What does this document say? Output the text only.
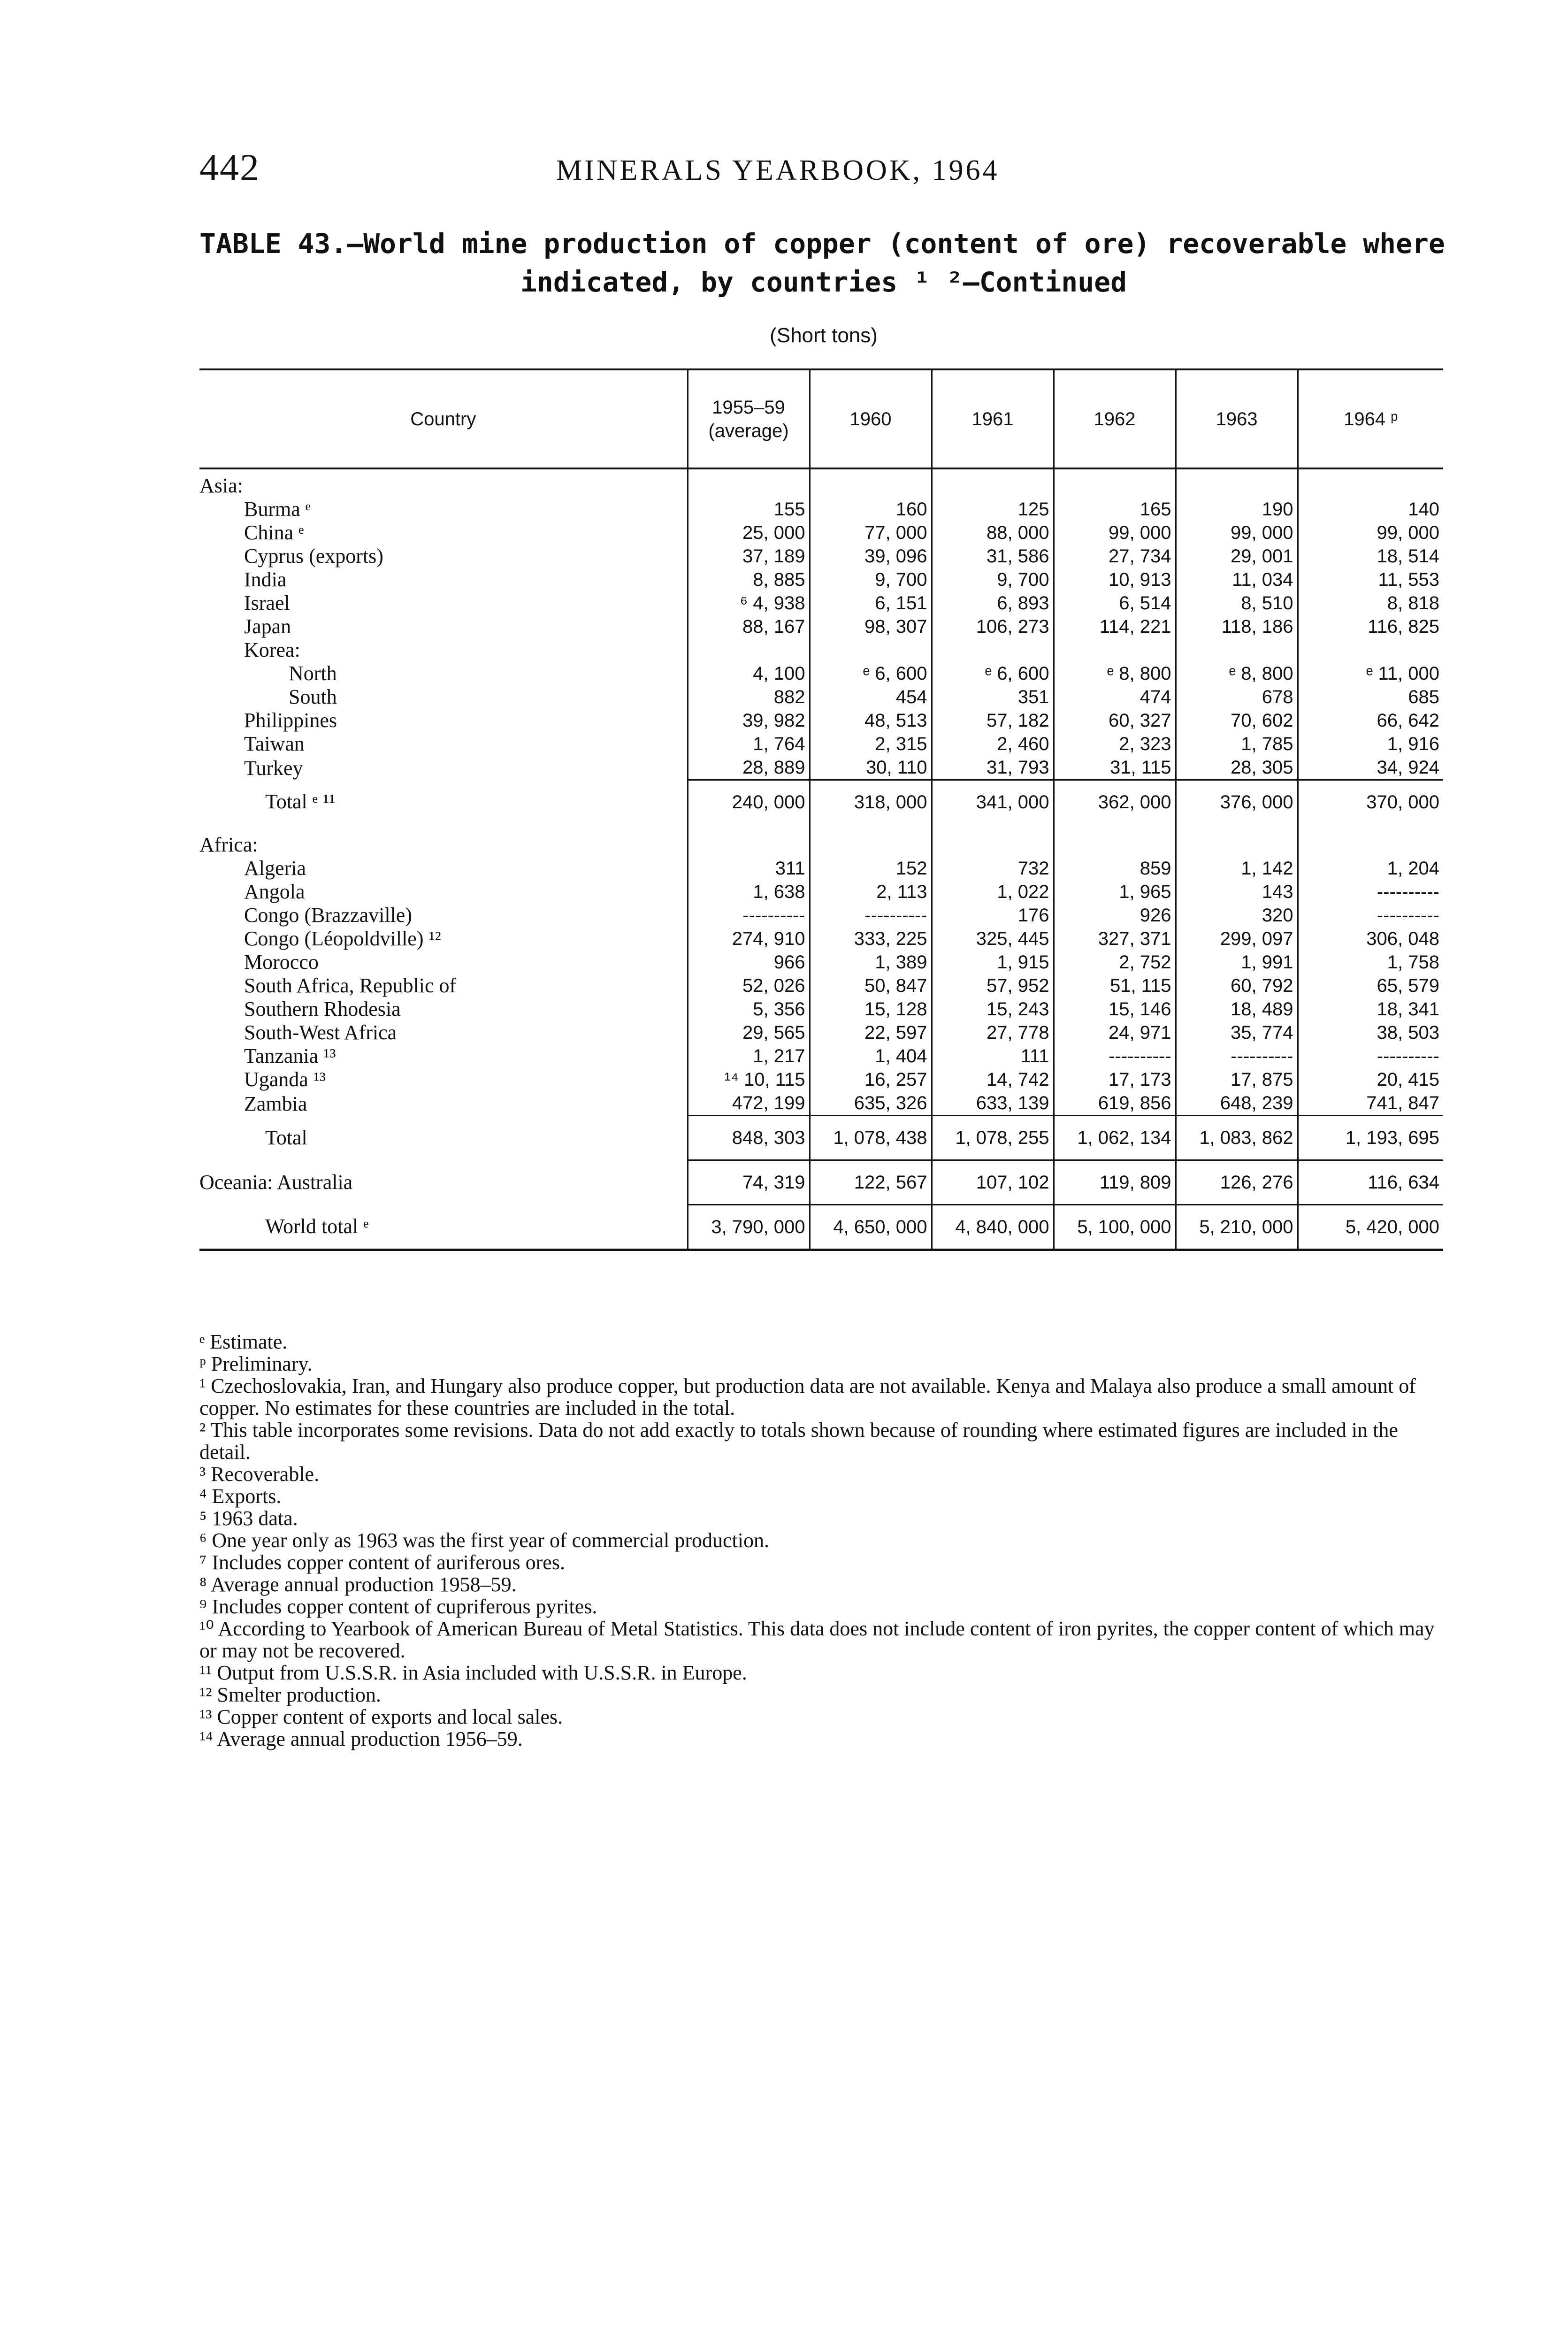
442	MINERALS YEARBOOK, 1964
TABLE 43.—World mine production of copper (content of ore) recoverable where
indicated, by countries ¹ ²—Continued
(Short tons)
Country	1955–59 (average)	1960	1961	1962	1963	1964 ᵖ
Asia:						
Burma ᵉ	155	160	125	165	190	140
China ᵉ	25, 000	77, 000	88, 000	99, 000	99, 000	99, 000
Cyprus (exports)	37, 189	39, 096	31, 586	27, 734	29, 001	18, 514
India	8, 885	9, 700	9, 700	10, 913	11, 034	11, 553
Israel	⁶ 4, 938	6, 151	6, 893	6, 514	8, 510	8, 818
Japan	88, 167	98, 307	106, 273	114, 221	118, 186	116, 825
Korea:						
North	4, 100	ᵉ 6, 600	ᵉ 6, 600	ᵉ 8, 800	ᵉ 8, 800	ᵉ 11, 000
South	882	454	351	474	678	685
Philippines	39, 982	48, 513	57, 182	60, 327	70, 602	66, 642
Taiwan	1, 764	2, 315	2, 460	2, 323	1, 785	1, 916
Turkey	28, 889	30, 110	31, 793	31, 115	28, 305	34, 924
Total ᵉ ¹¹	240, 000	318, 000	341, 000	362, 000	376, 000	370, 000
Africa:						
Algeria	311	152	732	859	1, 142	1, 204
Angola	1, 638	2, 113	1, 022	1, 965	143	----------
Congo (Brazzaville)	----------	----------	176	926	320	----------
Congo (Léopoldville) ¹²	274, 910	333, 225	325, 445	327, 371	299, 097	306, 048
Morocco	966	1, 389	1, 915	2, 752	1, 991	1, 758
South Africa, Republic of	52, 026	50, 847	57, 952	51, 115	60, 792	65, 579
Southern Rhodesia	5, 356	15, 128	15, 243	15, 146	18, 489	18, 341
South-West Africa	29, 565	22, 597	27, 778	24, 971	35, 774	38, 503
Tanzania ¹³	1, 217	1, 404	111	----------	----------	----------
Uganda ¹³	¹⁴ 10, 115	16, 257	14, 742	17, 173	17, 875	20, 415
Zambia	472, 199	635, 326	633, 139	619, 856	648, 239	741, 847
Total	848, 303	1, 078, 438	1, 078, 255	1, 062, 134	1, 083, 862	1, 193, 695
Oceania: Australia	74, 319	122, 567	107, 102	119, 809	126, 276	116, 634
World total ᵉ	3, 790, 000	4, 650, 000	4, 840, 000	5, 100, 000	5, 210, 000	5, 420, 000
ᵉ Estimate.
ᵖ Preliminary.
¹ Czechoslovakia, Iran, and Hungary also produce copper, but production data are not available. Kenya and Malaya also produce a small amount of copper. No estimates for these countries are included in the total.
² This table incorporates some revisions. Data do not add exactly to totals shown because of rounding where estimated figures are included in the detail.
³ Recoverable.
⁴ Exports.
⁵ 1963 data.
⁶ One year only as 1963 was the first year of commercial production.
⁷ Includes copper content of auriferous ores.
⁸ Average annual production 1958–59.
⁹ Includes copper content of cupriferous pyrites.
¹⁰ According to Yearbook of American Bureau of Metal Statistics. This data does not include content of iron pyrites, the copper content of which may or may not be recovered.
¹¹ Output from U.S.S.R. in Asia included with U.S.S.R. in Europe.
¹² Smelter production.
¹³ Copper content of exports and local sales.
¹⁴ Average annual production 1956–59.
